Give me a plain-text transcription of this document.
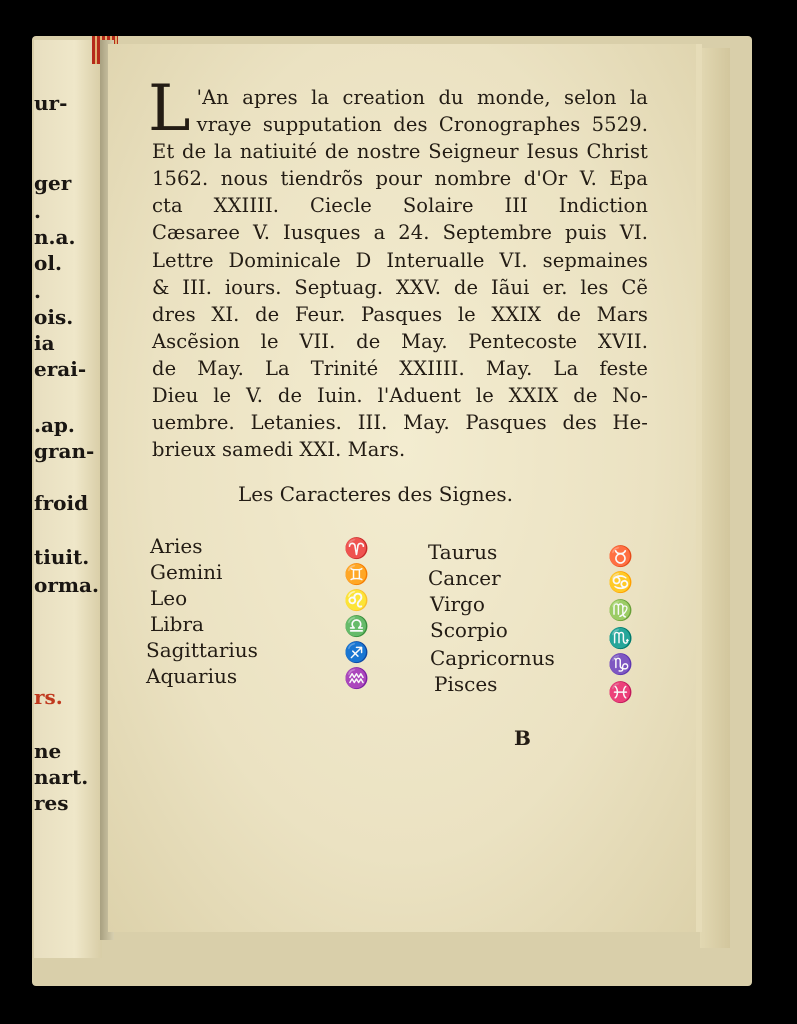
ur-
ger
.
n.a.
ol.
.
ois.
ia
erai-
.ap.
gran-
froid
tiuit.
orma.
rs.
ne
nart.
res
L 'An apres la creation du monde, selon la
vraye supputation des Cronographes 5529.
Et de la natiuité de nostre Seigneur Iesus Christ
1562. nous tiendrõs pour nombre d'Or V. Epa
cta XXIIII. Ciecle Solaire III Indiction
Cæsaree V. Iusques a 24. Septembre puis VI.
Lettre Dominicale D Interualle VI. sepmaines
& III. iours. Septuag. XXV. de Iãui er. les Cẽ
dres XI. de Feur. Pasques le XXIX de Mars
Ascẽsion le VII. de May. Pentecoste XVII.
de May. La Trinité XXIIII. May. La feste
Dieu le V. de Iuin. l'Aduent le XXIX de No-
uembre. Letanies. III. May. Pasques des He-
brieux samedi XXI. Mars.
Les Caracteres des Signes.
Aries
Gemini
Leo
Libra
Sagittarius
Aquarius
♈
♊
♌
♎
♐
♒
Taurus
Cancer
Virgo
Scorpio
Capricornus
Pisces
♉
♋
♍
♏
♑
♓
B
